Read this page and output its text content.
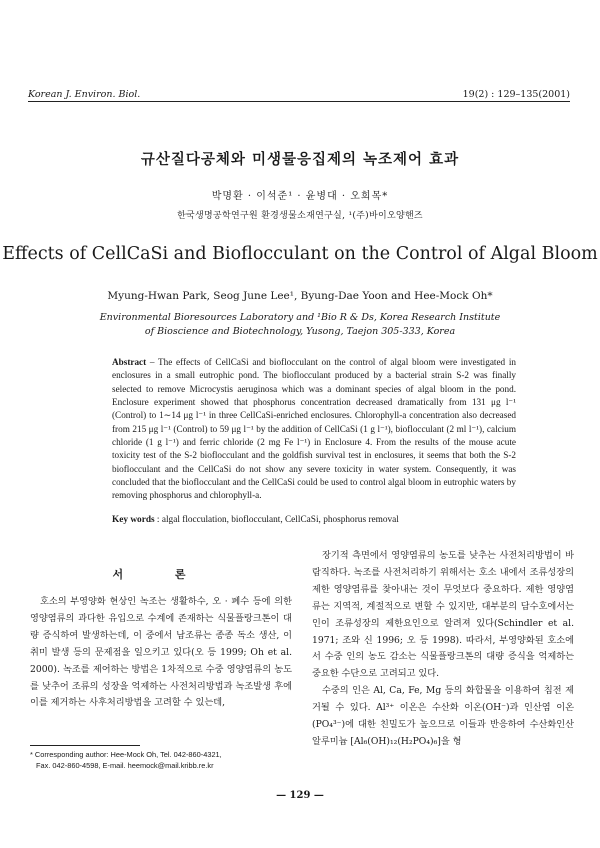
Korean J. Environ. Biol.	19(2) : 129–135(2001)
규산질다공체와 미생물응집제의 녹조제어 효과
박명환 · 이석준¹ · 윤병대 · 오희목*
한국생명공학연구원 환경생물소재연구실, ¹(주)바이오양핸즈
Effects of CellCaSi and Bioflocculant on the Control of Algal Bloom
Myung-Hwan Park, Seog June Lee¹, Byung-Dae Yoon and Hee-Mock Oh*
Environmental Bioresources Laboratory and ¹Bio R & Ds, Korea Research Institute
of Bioscience and Biotechnology, Yusong, Taejon 305-333, Korea
Abstract – The effects of CellCaSi and bioflocculant on the control of algal bloom were investigated in enclosures in a small eutrophic pond. The bioflocculant produced by a bacterial strain S-2 was finally selected to remove Microcystis aeruginosa which was a dominant species of algal bloom in the pond. Enclosure experiment showed that phosphorus concentration decreased dramatically from 131 μg l⁻¹ (Control) to 1∼14 μg l⁻¹ in three CellCaSi-enriched enclosures. Chlorophyll-a concentration also decreased from 215 μg l⁻¹ (Control) to 59 μg l⁻¹ by the addition of CellCaSi (1 g l⁻¹), bioflocculant (2 ml l⁻¹), calcium chloride (1 g l⁻¹) and ferric chloride (2 mg Fe l⁻¹) in Enclosure 4. From the results of the mouse acute toxicity test of the S-2 bioflocculant and the goldfish survival test in enclosures, it seems that both the S-2 bioflocculant and the CellCaSi do not show any severe toxicity in water system. Consequently, it was concluded that the bioflocculant and the CellCaSi could be used to control algal bloom in eutrophic waters by removing phosphorus and chlorophyll-a.
Key words : algal flocculation, bioflocculant, CellCaSi, phosphorus removal
서 론

호소의 부영양화 현상인 녹조는 생활하수, 오 · 폐수 등에 의한 영양염류의 과다한 유입으로 수계에 존재하는 식물플랑크톤이 대량 증식하여 발생하는데, 이 중에서 남조류는 종종 독소 생산, 이취미 발생 등의 문제점을 일으키고 있다(오 등 1999; Oh et al. 2000). 녹조를 제어하는 방법은 1차적으로 수중 영양염류의 농도를 낮추어 조류의 성장을 억제하는 사전처리방법과 녹조발생 후에 이를 제거하는 사후처리방법을 고려할 수 있는데,

장기적 측면에서 영양염류의 농도를 낮추는 사전처리방법이 바람직하다. 녹조를 사전처리하기 위해서는 호소 내에서 조류성장의 제한 영양염류를 찾아내는 것이 무엇보다 중요하다. 제한 영양염류는 지역적, 계절적으로 변할 수 있지만, 대부분의 담수호에서는 인이 조류성장의 제한요인으로 알려져 있다(Schindler et al. 1971; 조와 신 1996; 오 등 1998). 따라서, 부영양화된 호소에서 수중 인의 농도 감소는 식물플랑크톤의 대량 증식을 억제하는 중요한 수단으로 고려되고 있다.

수중의 인은 Al, Ca, Fe, Mg 등의 화합물을 이용하여 침전 제거될 수 있다. Al³⁺ 이온은 수산화 이온(OH⁻)과 인산염 이온(PO₄³⁻)에 대한 친밀도가 높으므로 이들과 반응하여 수산화인산알루미늄 [Al₆(OH)₁₂(H₂PO₄)₆]을 형

* Corresponding author: Hee-Mock Oh, Tel. 042-860-4321,
Fax. 042-860-4598, E-mail. heemock@mail.kribb.re.kr
— 129 —
